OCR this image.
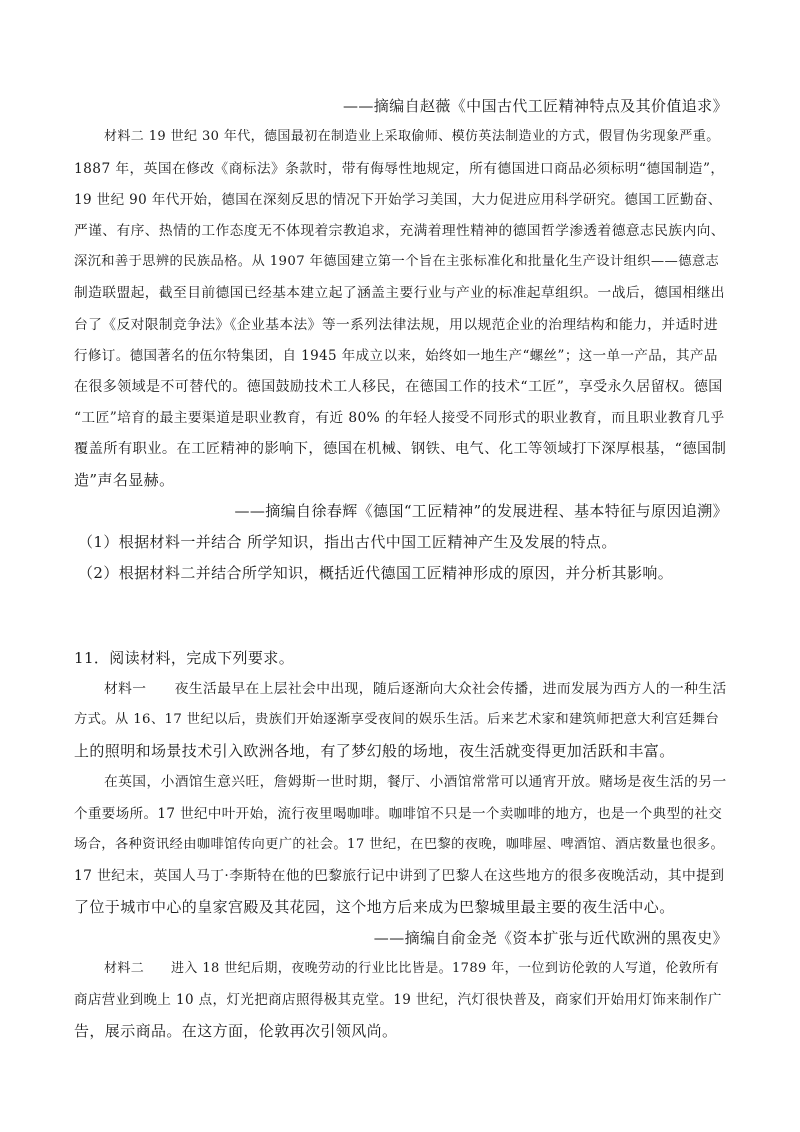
——摘编自赵薇《中国古代工匠精神特点及其价值追求》
材料二 19 世纪 30 年代，德国最初在制造业上采取偷师、模仿英法制造业的方式，假冒伪劣现象严重。
1887 年，英国在修改《商标法》条款时，带有侮辱性地规定，所有德国进口商品必须标明“德国制造”，
19 世纪 90 年代开始，德国在深刻反思的情况下开始学习美国，大力促进应用科学研究。德国工匠勤奋、
严谨、有序、热情的工作态度无不体现着宗教追求，充满着理性精神的德国哲学渗透着德意志民族内向、
深沉和善于思辨的民族品格。从 1907 年德国建立第一个旨在主张标准化和批量化生产设计组织——德意志
制造联盟起，截至目前德国已经基本建立起了涵盖主要行业与产业的标准起草组织。一战后，德国相继出
台了《反对限制竞争法》《企业基本法》等一系列法律法规，用以规范企业的治理结构和能力，并适时进
行修订。德国著名的伍尔特集团，自 1945 年成立以来，始终如一地生产“螺丝”；这一单一产品，其产品
在很多领域是不可替代的。德国鼓励技术工人移民，在德国工作的技术“工匠”，享受永久居留权。德国
“工匠”培育的最主要渠道是职业教育，有近 80% 的年轻人接受不同形式的职业教育，而且职业教育几乎
覆盖所有职业。在工匠精神的影响下，德国在机械、钢铁、电气、化工等领域打下深厚根基，“德国制
造”声名显赫。
——摘编自徐春辉《德国“工匠精神”的发展进程、基本特征与原因追溯》
（1）根据材料一并结合 所学知识，指出古代中国工匠精神产生及发展的特点。
（2）根据材料二并结合所学知识，概括近代德国工匠精神形成的原因，并分析其影响。
11．阅读材料，完成下列要求。
材料一　　夜生活最早在上层社会中出现，随后逐渐向大众社会传播，进而发展为西方人的一种生活
方式。从 16、17 世纪以后，贵族们开始逐渐享受夜间的娱乐生活。后来艺术家和建筑师把意大利宫廷舞台
上的照明和场景技术引入欧洲各地，有了梦幻般的场地，夜生活就变得更加活跃和丰富。
在英国，小酒馆生意兴旺，詹姆斯一世时期，餐厅、小酒馆常常可以通宵开放。赌场是夜生活的另一
个重要场所。17 世纪中叶开始，流行夜里喝咖啡。咖啡馆不只是一个卖咖啡的地方，也是一个典型的社交
场合，各种资讯经由咖啡馆传向更广的社会。17 世纪，在巴黎的夜晚，咖啡屋、啤酒馆、酒店数量也很多。
17 世纪末，英国人马丁·李斯特在他的巴黎旅行记中讲到了巴黎人在这些地方的很多夜晚活动，其中提到
了位于城市中心的皇家宫殿及其花园，这个地方后来成为巴黎城里最主要的夜生活中心。
——摘编自俞金尧《资本扩张与近代欧洲的黑夜史》
材料二　　进入 18 世纪后期，夜晚劳动的行业比比皆是。1789 年，一位到访伦敦的人写道，伦敦所有
商店营业到晚上 10 点，灯光把商店照得极其克堂。19 世纪，汽灯很快普及，商家们开始用灯饰来制作广
告，展示商品。在这方面，伦敦再次引领风尚。
